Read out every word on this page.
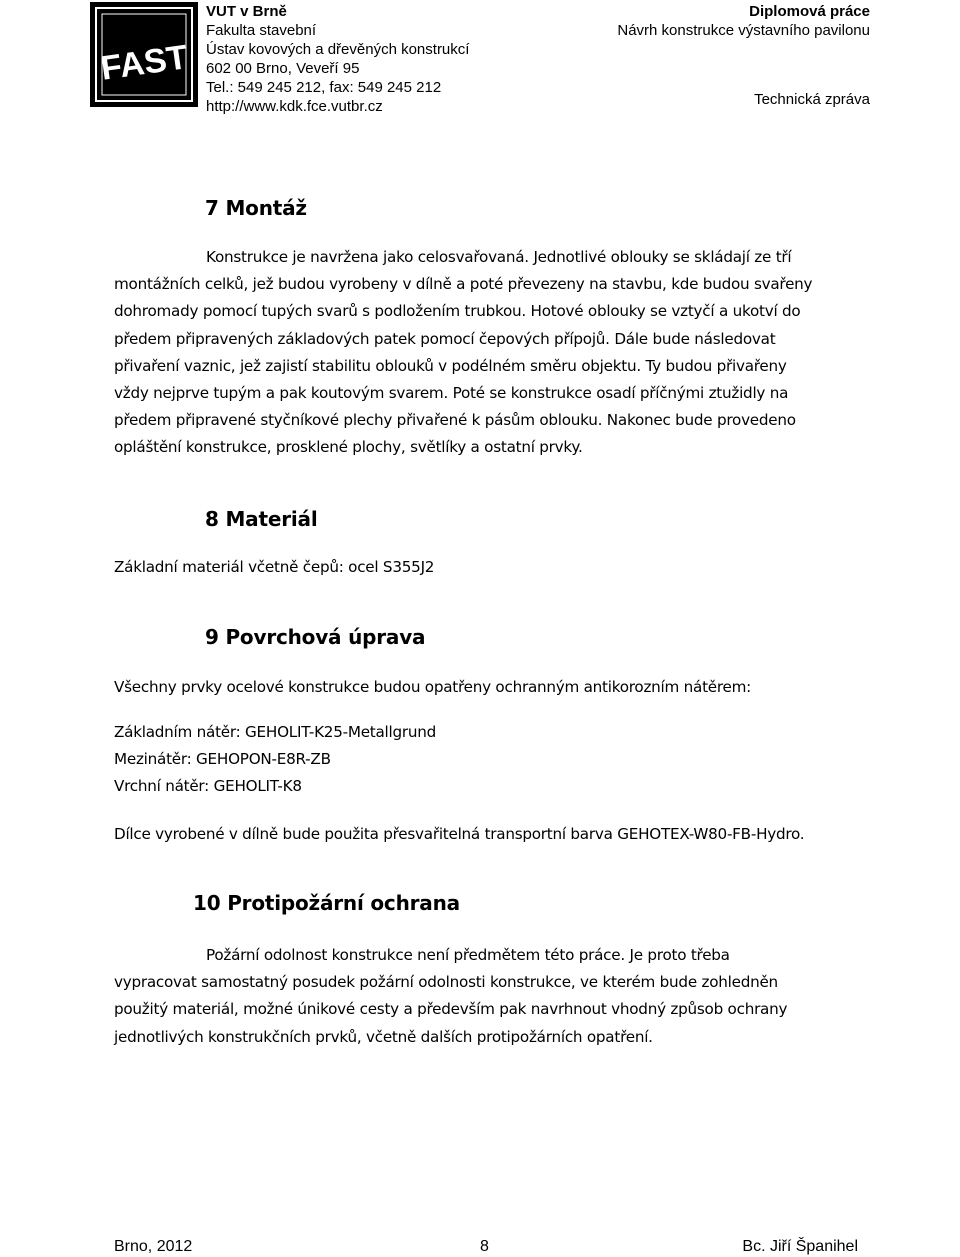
FAST
VUT v Brně
Fakulta stavební
Ústav kovových a dřevěných konstrukcí
602 00 Brno, Veveří 95
Tel.: 549 245 212, fax: 549 245 212
http://www.kdk.fce.vutbr.cz
Diplomová práce
Návrh konstrukce výstavního pavilonu
Technická zpráva
7 Montáž
Konstrukce je navržena jako celosvařovaná. Jednotlivé oblouky se skládají ze tří
montážních celků, jež budou vyrobeny v dílně a poté převezeny na stavbu, kde budou svařeny
dohromady pomocí tupých svarů s podložením trubkou. Hotové oblouky se vztyčí a ukotví do
předem připravených základových patek pomocí čepových přípojů. Dále bude následovat
přivaření vaznic, jež zajistí stabilitu oblouků v podélném směru objektu. Ty budou přivařeny
vždy nejprve tupým a pak koutovým svarem. Poté se konstrukce osadí příčnými ztužidly na
předem připravené styčníkové plechy přivařené k pásům oblouku. Nakonec bude provedeno
opláštění konstrukce, prosklené plochy, světlíky a ostatní prvky.
8 Materiál
Základní materiál včetně čepů: ocel S355J2
9 Povrchová úprava
Všechny prvky ocelové konstrukce budou opatřeny ochranným antikorozním nátěrem:
Základním nátěr: GEHOLIT-K25-Metallgrund
Mezinátěr: GEHOPON-E8R-ZB
Vrchní nátěr: GEHOLIT-K8
Dílce vyrobené v dílně bude použita přesvařitelná transportní barva GEHOTEX-W80-FB-Hydro.
10 Protipožární ochrana
Požární odolnost konstrukce není předmětem této práce. Je proto třeba
vypracovat samostatný posudek požární odolnosti konstrukce, ve kterém bude zohledněn
použitý materiál, možné únikové cesty a především pak navrhnout vhodný způsob ochrany
jednotlivých konstrukčních prvků, včetně dalších protipožárních opatření.
Brno, 2012	8	Bc. Jiří Španihel
